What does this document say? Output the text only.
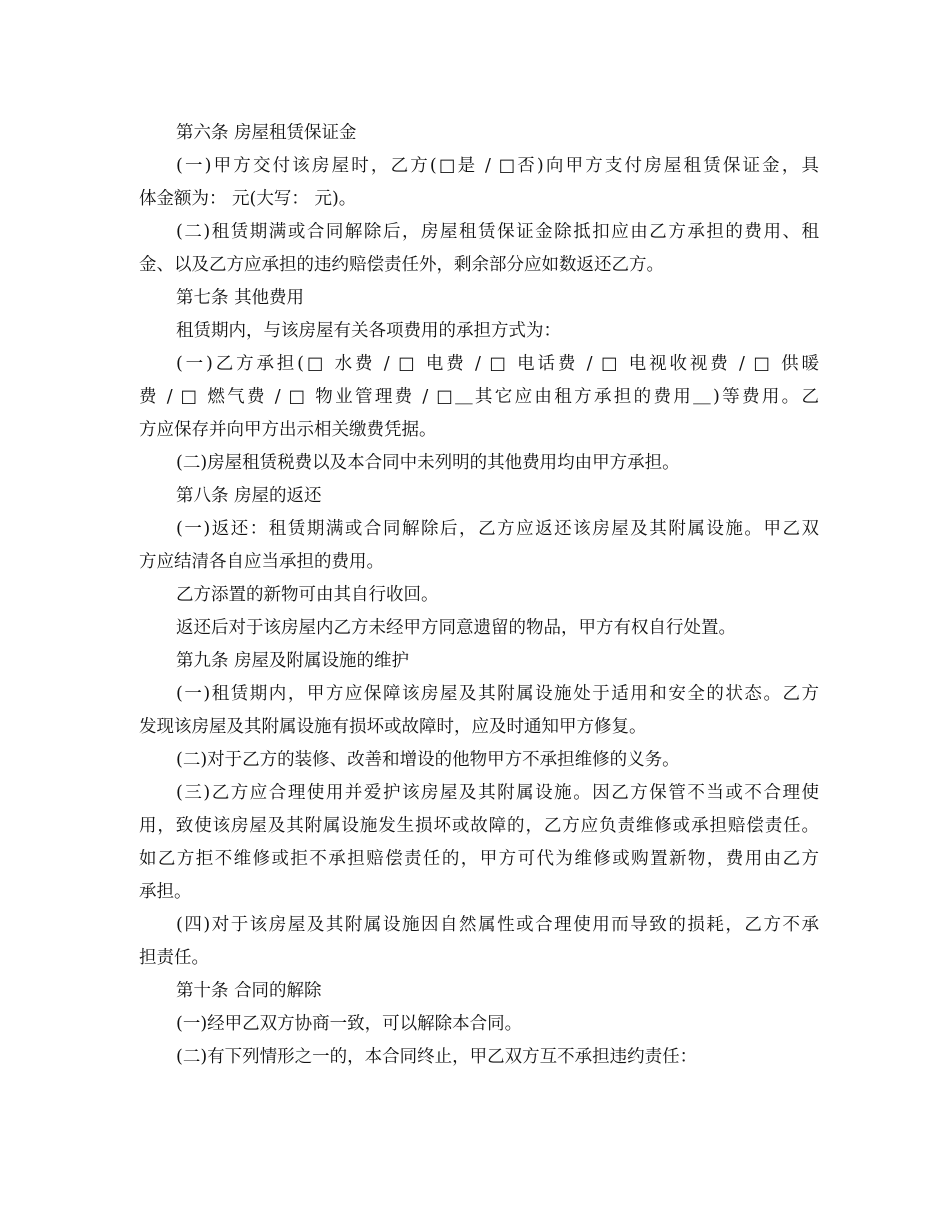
第六条 房屋租赁保证金
(一)甲方交付该房屋时，乙方(□是 / □否)向甲方支付房屋租赁保证金，具
体金额为： 元(大写： 元)。
(二)租赁期满或合同解除后，房屋租赁保证金除抵扣应由乙方承担的费用、租
金、以及乙方应承担的违约赔偿责任外，剩余部分应如数返还乙方。
第七条 其他费用
租赁期内，与该房屋有关各项费用的承担方式为：
(一)乙方承担(□ 水费 / □ 电费 / □ 电话费 / □ 电视收视费 / □ 供暖
费 / □ 燃气费 / □ 物业管理费 / □＿其它应由租方承担的费用＿)等费用。乙
方应保存并向甲方出示相关缴费凭据。
(二)房屋租赁税费以及本合同中未列明的其他费用均由甲方承担。
第八条 房屋的返还
(一)返还：租赁期满或合同解除后，乙方应返还该房屋及其附属设施。甲乙双
方应结清各自应当承担的费用。
乙方添置的新物可由其自行收回。
返还后对于该房屋内乙方未经甲方同意遗留的物品，甲方有权自行处置。
第九条 房屋及附属设施的维护
(一)租赁期内，甲方应保障该房屋及其附属设施处于适用和安全的状态。乙方
发现该房屋及其附属设施有损坏或故障时，应及时通知甲方修复。
(二)对于乙方的装修、改善和增设的他物甲方不承担维修的义务。
(三)乙方应合理使用并爱护该房屋及其附属设施。因乙方保管不当或不合理使
用，致使该房屋及其附属设施发生损坏或故障的，乙方应负责维修或承担赔偿责任。
如乙方拒不维修或拒不承担赔偿责任的，甲方可代为维修或购置新物，费用由乙方
承担。
(四)对于该房屋及其附属设施因自然属性或合理使用而导致的损耗，乙方不承
担责任。
第十条 合同的解除
(一)经甲乙双方协商一致，可以解除本合同。
(二)有下列情形之一的，本合同终止，甲乙双方互不承担违约责任：
